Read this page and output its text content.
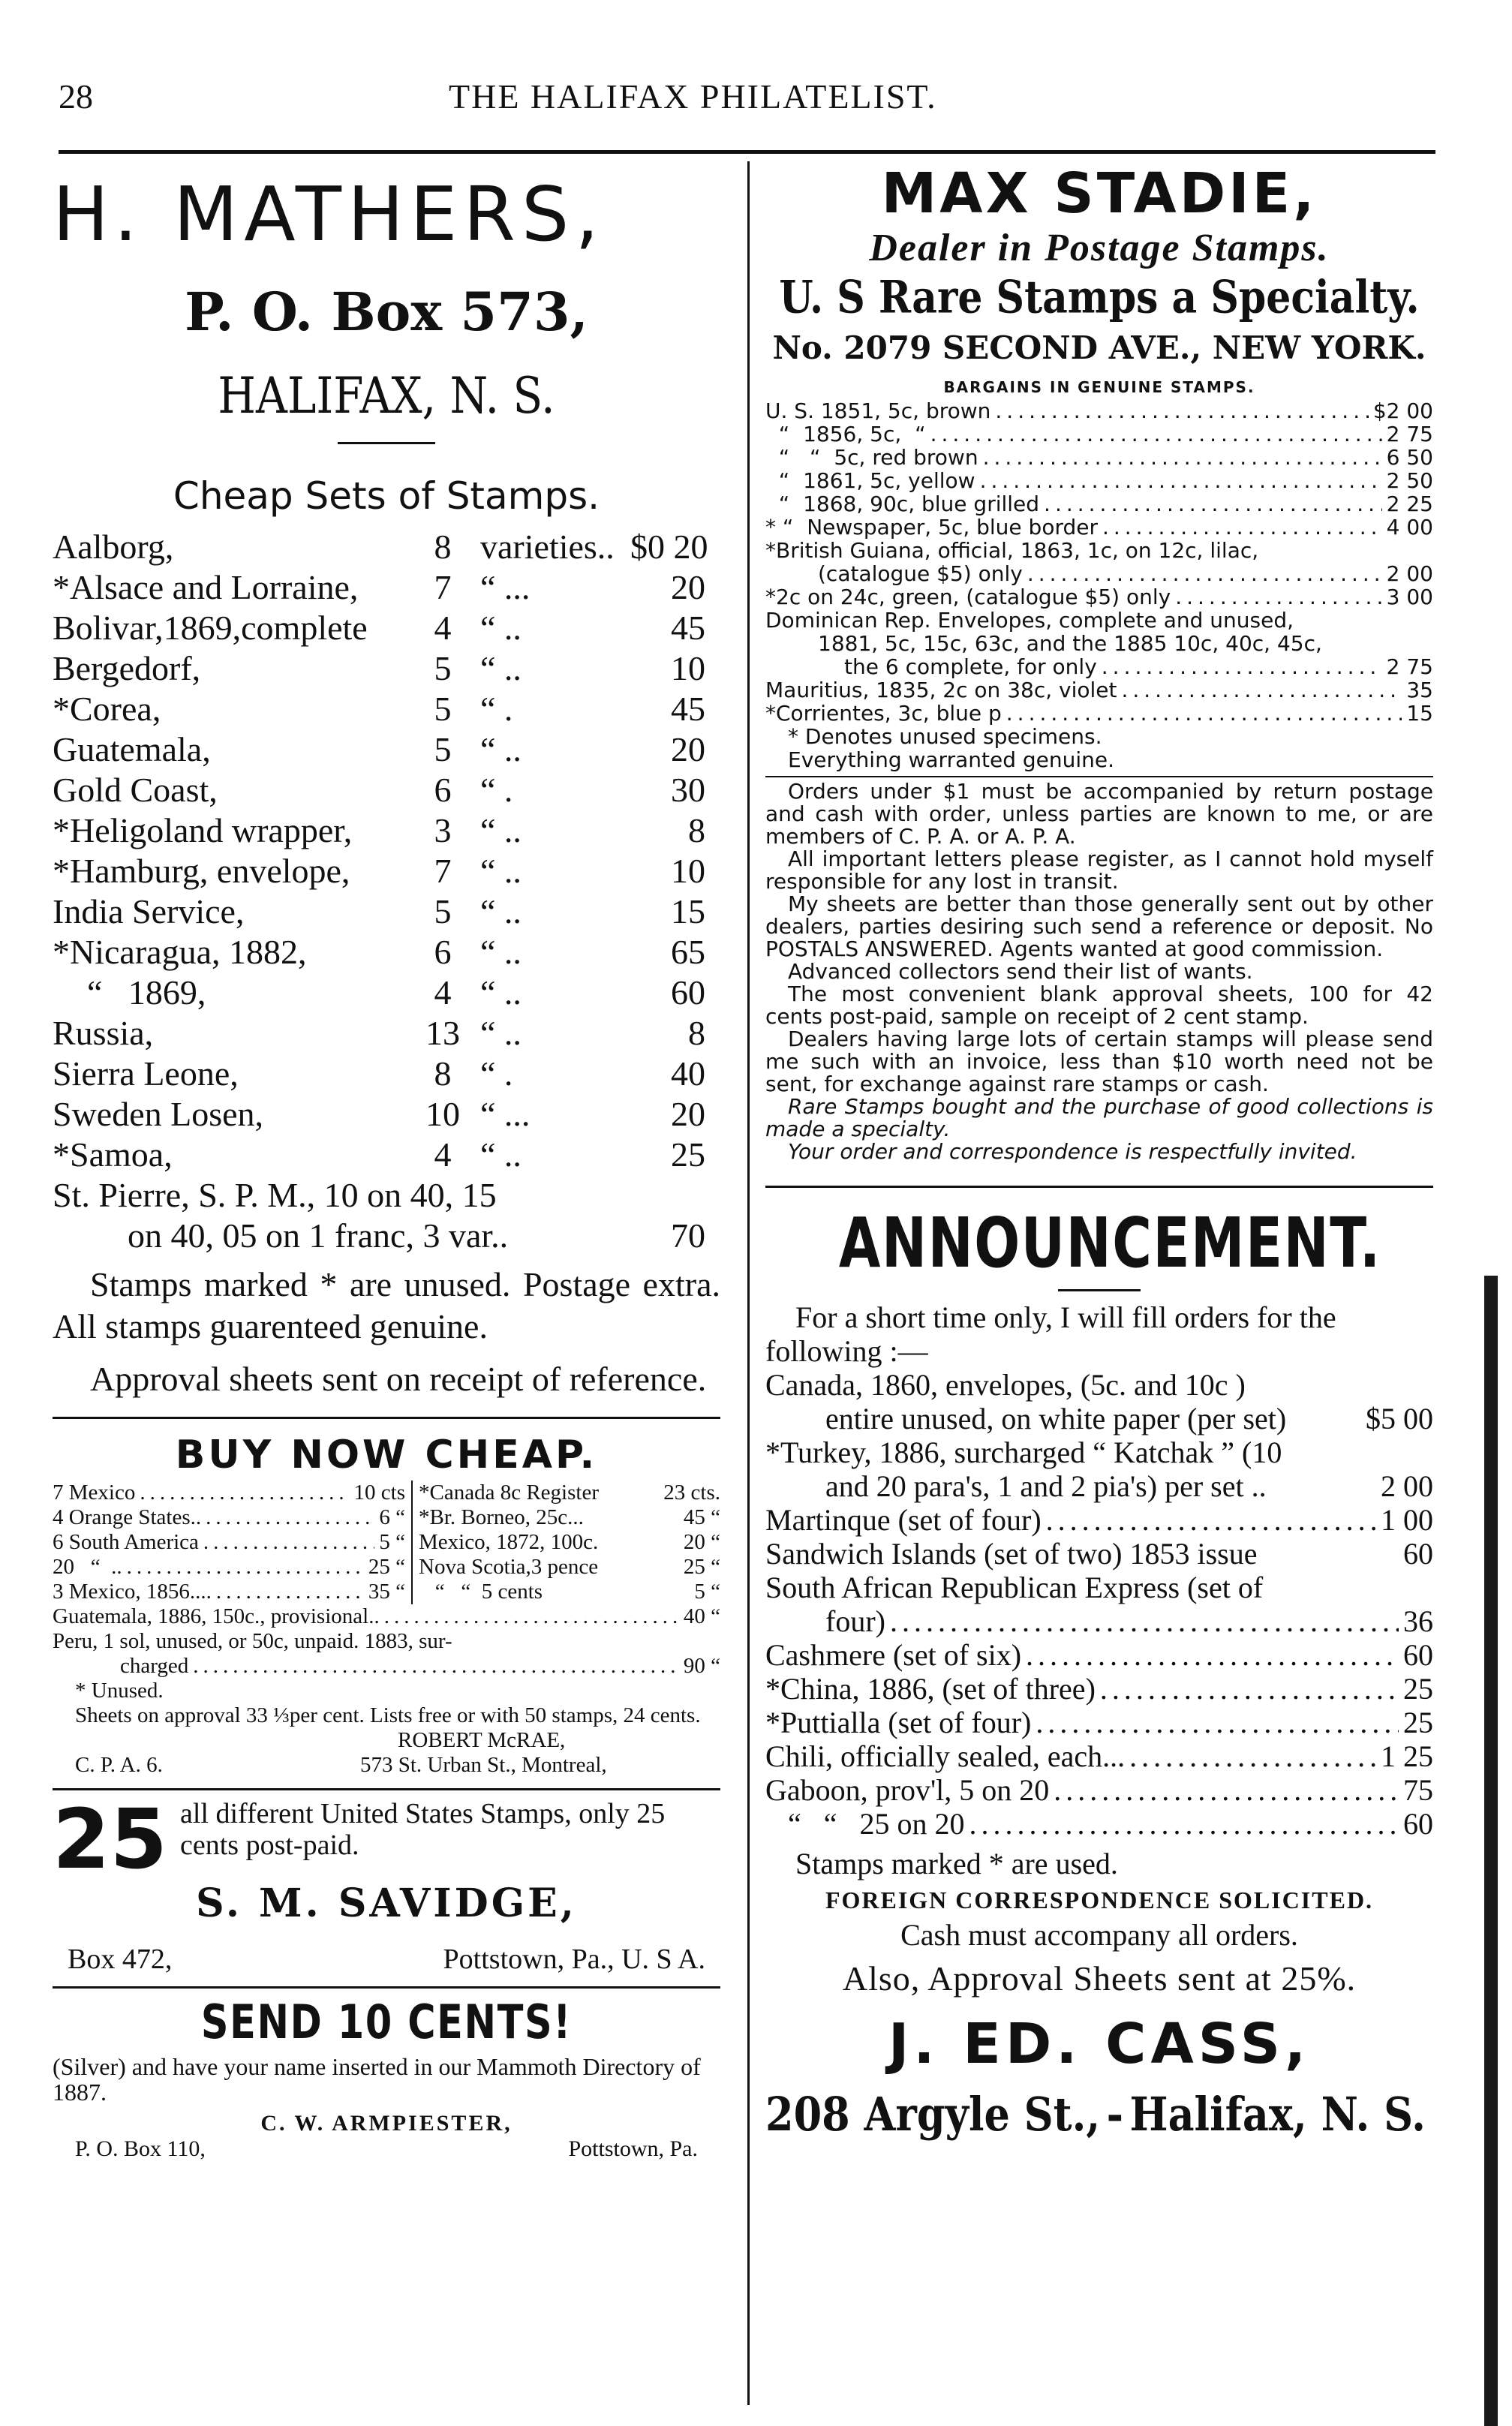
28	THE HALIFAX PHILATELIST.
H. MATHERS,
P. O. Box 573,
HALIFAX, N. S.
Cheap Sets of Stamps.
Aalborg,	8 varieties.. $0 20
*Alsace and Lorraine,	7 “ ...	20
Bolivar,1869,complete	4 “ ..	45
Bergedorf,	5 “ ..	10
*Corea,	5 “ .	45
Guatemala,	5 “ ..	20
Gold Coast,	6 “ .	30
*Heligoland wrapper,	3 “ ..	8
*Hamburg, envelope,	7 “ ..	10
India Service,	5 “ ..	15
*Nicaragua, 1882,	6 “ ..	65
“   1869,	4 “ ..	60
Russia,	13 “ ..	8
Sierra Leone,	8 “ .	40
Sweden Losen,	10 “ ...	20
*Samoa,	4 “ ..	25
St. Pierre, S. P. M., 10 on 40, 15
on 40, 05 on 1 franc, 3 var..	70
Stamps marked * are unused. Postage extra. All stamps guarenteed genuine.
Approval sheets sent on receipt of reference.
BUY NOW CHEAP.
7 Mexico .....	10 cts
4 Orange States.. .....	6 “
6 South America .....	5 “
20   “  .. .....	25 “
3 Mexico, 1856.... .....	35 “
*Canada 8c Register	23 cts.
*Br. Borneo, 25c...	45 “
Mexico, 1872, 100c.	20 “
Nova Scotia,3 pence	25 “
“   “  5 cents	5 “
Guatemala, 1886, 150c., provisional.. .....	40 “
Peru, 1 sol, unused, or 50c, unpaid. 1883, sur-
charged .....	90 “
* Unused.
Sheets on approval 33 ⅓per cent. Lists free or with 50 stamps, 24 cents.
ROBERT McRAE,
C. P. A. 6.	573 St. Urban St., Montreal,
25 all different United States Stamps, only 25 cents post-paid.
S. M. SAVIDGE,
Box 472,	Pottstown, Pa., U. S A.
SEND 10 CENTS!
(Silver) and have your name inserted in our Mammoth Directory of 1887.
C. W. ARMPIESTER,
P. O. Box 110,	Pottstown, Pa.
MAX STADIE,
Dealer in Postage Stamps.
U. S Rare Stamps a Specialty.
No. 2079 SECOND AVE., NEW YORK.
BARGAINS IN GENUINE STAMPS.
U. S. 1851, 5c, brown .....	$2 00
“  1856, 5c,  “ .....	2 75
“   “  5c, red brown .....	6 50
“  1861, 5c, yellow .....	2 50
“  1868, 90c, blue grilled .....	2 25
* “  Newspaper, 5c, blue border .....	4 00
*British Guiana, official, 1863, 1c, on 12c, lilac,
(catalogue $5) only .....	2 00
*2c on 24c, green, (catalogue $5) only .....	3 00
Dominican Rep. Envelopes, complete and unused,
1881, 5c, 15c, 63c, and the 1885 10c, 40c, 45c,
the 6 complete, for only .....	2 75
Mauritius, 1835, 2c on 38c, violet .....	35
*Corrientes, 3c, blue p .....	15
* Denotes unused specimens.
Everything warranted genuine.
Orders under $1 must be accompanied by return postage and cash with order, unless parties are known to me, or are members of C. P. A. or A. P. A.
All important letters please register, as I cannot hold myself responsible for any lost in transit.
My sheets are better than those generally sent out by other dealers, parties desiring such send a reference or deposit. No POSTALS ANSWERED. Agents wanted at good commission.
Advanced collectors send their list of wants.
The most convenient blank approval sheets, 100 for 42 cents post-paid, sample on receipt of 2 cent stamp.
Dealers having large lots of certain stamps will please send me such with an invoice, less than $10 worth need not be sent, for exchange against rare stamps or cash.
Rare Stamps bought and the purchase of good collections is made a specialty.
Your order and correspondence is respectfully invited.
ANNOUNCEMENT.
For a short time only, I will fill orders for the following :—
Canada, 1860, envelopes, (5c. and 10c )
entire unused, on white paper (per set)	$5 00
*Turkey, 1886, surcharged “ Katchak ” (10
and 20 para's, 1 and 2 pia's) per set ..	2 00
Martinque (set of four) .....	1 00
Sandwich Islands (set of two) 1853 issue	60
South African Republican Express (set of
four) .....	36
Cashmere (set of six) .....	60
*China, 1886, (set of three) .....	25
*Puttialla (set of four) .....	25
Chili, officially sealed, each... .....	1 25
Gaboon, prov'l, 5 on 20 .....	75
“   “   25 on 20 .....	60
Stamps marked * are used.
FOREIGN CORRESPONDENCE SOLICITED.
Cash must accompany all orders.
Also, Approval Sheets sent at 25%.
J. ED. CASS,
208 Argyle St., - Halifax, N. S.
